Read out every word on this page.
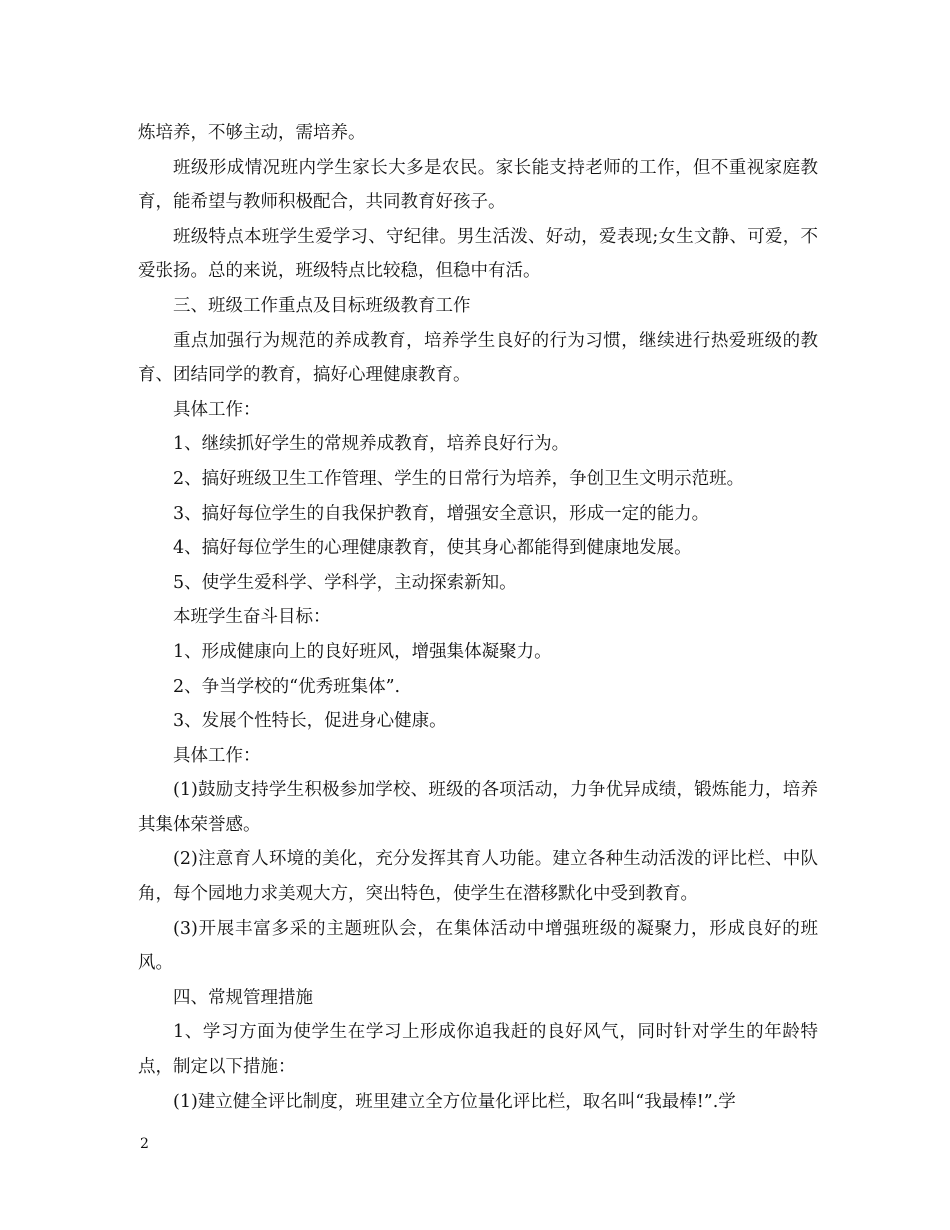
炼培养，不够主动，需培养。

班级形成情况班内学生家长大多是农民。家长能支持老师的工作，但不重视家庭教育，能希望与教师积极配合，共同教育好孩子。

班级特点本班学生爱学习、守纪律。男生活泼、好动，爱表现;女生文静、可爱，不爱张扬。总的来说，班级特点比较稳，但稳中有活。

三、班级工作重点及目标班级教育工作

重点加强行为规范的养成教育，培养学生良好的行为习惯，继续进行热爱班级的教育、团结同学的教育，搞好心理健康教育。

具体工作：

1、继续抓好学生的常规养成教育，培养良好行为。

2、搞好班级卫生工作管理、学生的日常行为培养，争创卫生文明示范班。

3、搞好每位学生的自我保护教育，增强安全意识，形成一定的能力。

4、搞好每位学生的心理健康教育，使其身心都能得到健康地发展。

5、使学生爱科学、学科学，主动探索新知。

本班学生奋斗目标：

1、形成健康向上的良好班风，增强集体凝聚力。

2、争当学校的“优秀班集体”.

3、发展个性特长，促进身心健康。

具体工作：

(1)鼓励支持学生积极参加学校、班级的各项活动，力争优异成绩，锻炼能力，培养其集体荣誉感。

(2)注意育人环境的美化，充分发挥其育人功能。建立各种生动活泼的评比栏、中队角，每个园地力求美观大方，突出特色，使学生在潜移默化中受到教育。

(3)开展丰富多采的主题班队会，在集体活动中增强班级的凝聚力，形成良好的班风。

四、常规管理措施

1、学习方面为使学生在学习上形成你追我赶的良好风气，同时针对学生的年龄特点，制定以下措施：

(1)建立健全评比制度，班里建立全方位量化评比栏，取名叫“我最棒!”.学

2
